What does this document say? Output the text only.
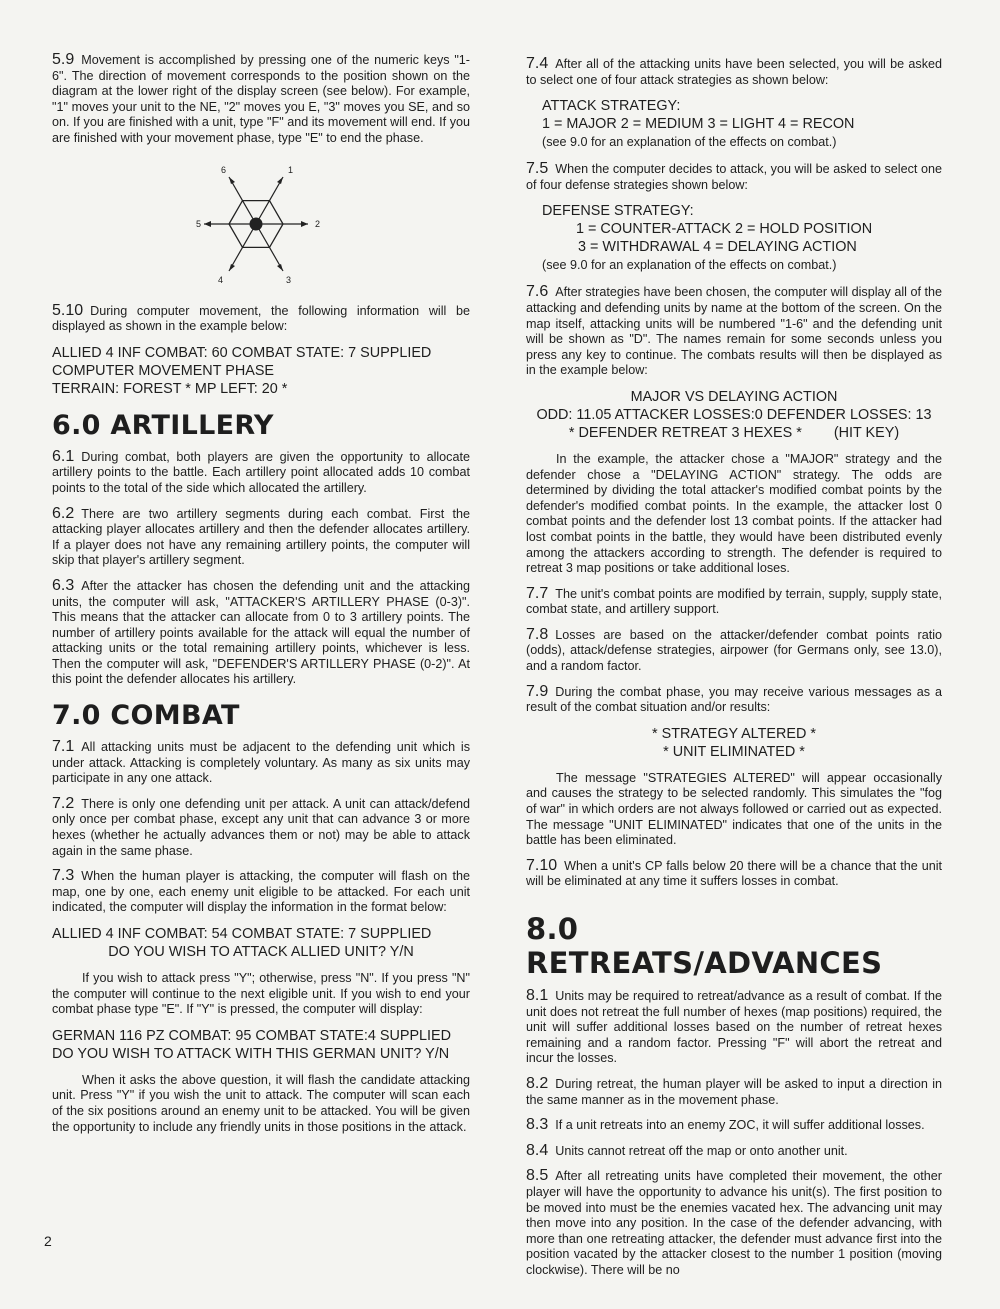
5.9 Movement is accomplished by pressing one of the numeric keys "1-6". The direction of movement corresponds to the position shown on the diagram at the lower right of the display screen (see below). For example, "1" moves your unit to the NE, "2" moves you E, "3" moves you SE, and so on. If you are finished with a unit, type "F" and its movement will end. If you are finished with your movement phase, type "E" to end the phase.

1
2
3
4
5
6

5.10 During computer movement, the following information will be displayed as shown in the example below:

ALLIED 4 INF COMBAT: 60 COMBAT STATE: 7 SUPPLIED
COMPUTER MOVEMENT PHASE
TERRAIN: FOREST * MP LEFT: 20 *
6.0 ARTILLERY

6.1 During combat, both players are given the opportunity to allocate artillery points to the battle. Each artillery point allocated adds 10 combat points to the total of the side which allocated the artillery.

6.2 There are two artillery segments during each combat. First the attacking player allocates artillery and then the defender allocates artillery. If a player does not have any remaining artillery points, the computer will skip that player's artillery segment.

6.3 After the attacker has chosen the defending unit and the attacking units, the computer will ask, "ATTACKER'S ARTILLERY PHASE (0-3)". This means that the attacker can allocate from 0 to 3 artillery points. The number of artillery points available for the attack will equal the number of attacking units or the total remaining artillery points, whichever is less. Then the computer will ask, "DEFENDER'S ARTILLERY PHASE (0-2)". At this point the defender allocates his artillery.

7.0 COMBAT

7.1 All attacking units must be adjacent to the defending unit which is under attack. Attacking is completely voluntary. As many as six units may participate in any one attack.

7.2 There is only one defending unit per attack. A unit can attack/defend only once per combat phase, except any unit that can advance 3 or more hexes (whether he actually advances them or not) may be able to attack again in the same phase.

7.3 When the human player is attacking, the computer will flash on the map, one by one, each enemy unit eligible to be attacked. For each unit indicated, the computer will display the information in the format below:

ALLIED 4 INF COMBAT: 54 COMBAT STATE: 7 SUPPLIED
DO YOU WISH TO ATTACK ALLIED UNIT? Y/N

If you wish to attack press "Y"; otherwise, press "N". If you press "N" the computer will continue to the next eligible unit. If you wish to end your combat phase type "E". If "Y" is pressed, the computer will display:

GERMAN 116 PZ COMBAT: 95 COMBAT STATE:4 SUPPLIED
DO YOU WISH TO ATTACK WITH THIS GERMAN UNIT? Y/N

When it asks the above question, it will flash the candidate attacking unit. Press "Y" if you wish the unit to attack. The computer will scan each of the six positions around an enemy unit to be attacked. You will be given the opportunity to include any friendly units in those positions in the attack.

7.4 After all of the attacking units have been selected, you will be asked to select one of four attack strategies as shown below:

ATTACK STRATEGY:
1 = MAJOR 2 = MEDIUM 3 = LIGHT 4 = RECON
(see 9.0 for an explanation of the effects on combat.)

7.5 When the computer decides to attack, you will be asked to select one of four defense strategies shown below:

DEFENSE STRATEGY:
1 = COUNTER-ATTACK 2 = HOLD POSITION
3 = WITHDRAWAL 4 = DELAYING ACTION
(see 9.0 for an explanation of the effects on combat.)

7.6 After strategies have been chosen, the computer will display all of the attacking and defending units by name at the bottom of the screen. On the map itself, attacking units will be numbered "1-6" and the defending unit will be shown as "D". The names remain for some seconds unless you press any key to continue. The combats results will then be displayed as in the example below:

MAJOR VS DELAYING ACTION
ODD: 11.05 ATTACKER LOSSES:0 DEFENDER LOSSES: 13
* DEFENDER RETREAT 3 HEXES *        (HIT KEY)

In the example, the attacker chose a "MAJOR" strategy and the defender chose a "DELAYING ACTION" strategy. The odds are determined by dividing the total attacker's modified combat points by the defender's modified combat points. In the example, the attacker lost 0 combat points and the defender lost 13 combat points. If the attacker had lost combat points in the battle, they would have been distributed evenly among the attackers according to strength. The defender is required to retreat 3 map positions or take additional loses.

7.7 The unit's combat points are modified by terrain, supply, supply state, combat state, and artillery support.

7.8 Losses are based on the attacker/defender combat points ratio (odds), attack/defense strategies, airpower (for Germans only, see 13.0), and a random factor.

7.9 During the combat phase, you may receive various messages as a result of the combat situation and/or results:

* STRATEGY ALTERED *
* UNIT ELIMINATED *

The message "STRATEGIES ALTERED" will appear occasionally and causes the strategy to be selected randomly. This simulates the "fog of war" in which orders are not always followed or carried out as expected. The message "UNIT ELIMINATED" indicates that one of the units in the battle has been eliminated.

7.10 When a unit's CP falls below 20 there will be a chance that the unit will be eliminated at any time it suffers losses in combat.

8.0 RETREATS/ADVANCES

8.1 Units may be required to retreat/advance as a result of combat. If the unit does not retreat the full number of hexes (map positions) required, the unit will suffer additional losses based on the number of retreat hexes remaining and a random factor. Pressing "F" will abort the retreat and incur the losses.

8.2 During retreat, the human player will be asked to input a direction in the same manner as in the movement phase.

8.3 If a unit retreats into an enemy ZOC, it will suffer additional losses.

8.4 Units cannot retreat off the map or onto another unit.

8.5 After all retreating units have completed their movement, the other player will have the opportunity to advance his unit(s). The first position to be moved into must be the enemies vacated hex. The advancing unit may then move into any position. In the case of the defender advancing, with more than one retreating attacker, the defender must advance first into the position vacated by the attacker closest to the number 1 position (moving clockwise). There will be no

2
